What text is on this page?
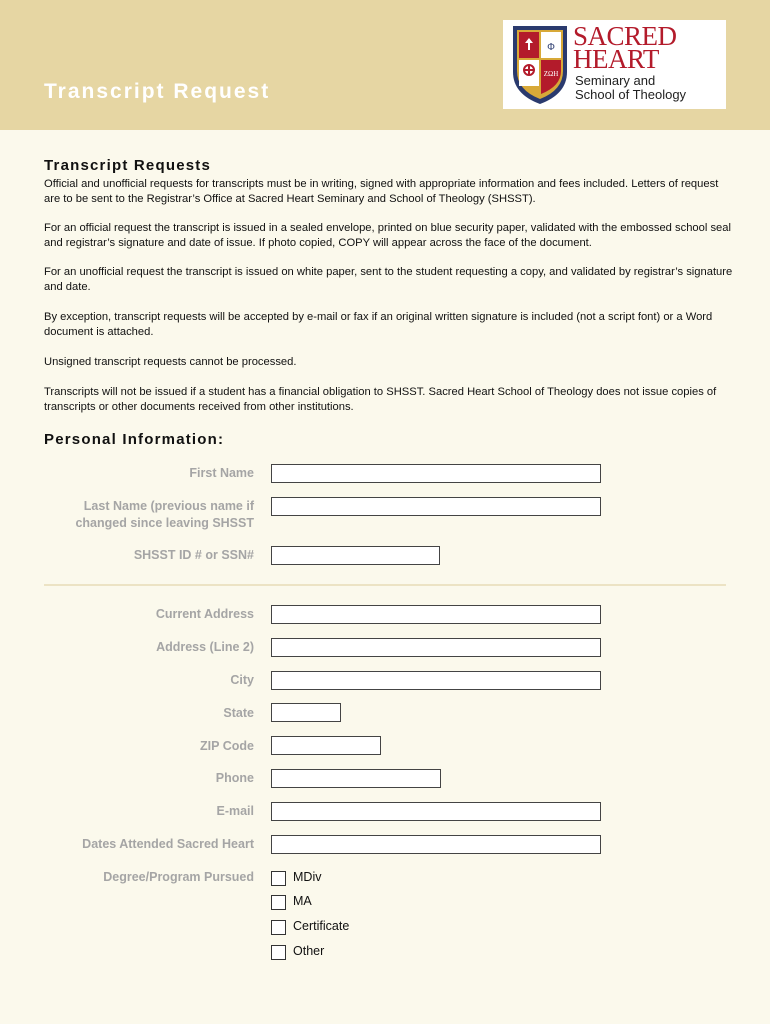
Transcript Request
Φ
ZΩH
SACRED
HEART
Seminary and
School of Theology
Transcript Requests
Official and unofficial requests for transcripts must be in writing, signed with appropriate information and fees included. Letters of request are to be sent to the Registrar’s Office at Sacred Heart Seminary and School of Theology (SHSST).
For an official request the transcript is issued in a sealed envelope, printed on blue security paper, validated with the embossed school seal and registrar’s signature and date of issue. If photo copied, COPY will appear across the face of the document.
For an unofficial request the transcript is issued on white paper, sent to the student requesting a copy, and validated by registrar’s signature and date.
By exception, transcript requests will be accepted by e-mail or fax if an original written signature is included (not a script font) or a Word document is attached.
Unsigned transcript requests cannot be processed.
Transcripts will not be issued if a student has a financial obligation to SHSST. Sacred Heart School of Theology does not issue copies of transcripts or other documents received from other institutions.
Personal Information:
First Name
Last Name (previous name if
changed since leaving SHSST
SHSST ID # or SSN#
Current Address
Address (Line 2)
City
State
ZIP Code
Phone
E-mail
Dates Attended Sacred Heart
Degree/Program Pursued	MDiv
MA
Certificate
Other
